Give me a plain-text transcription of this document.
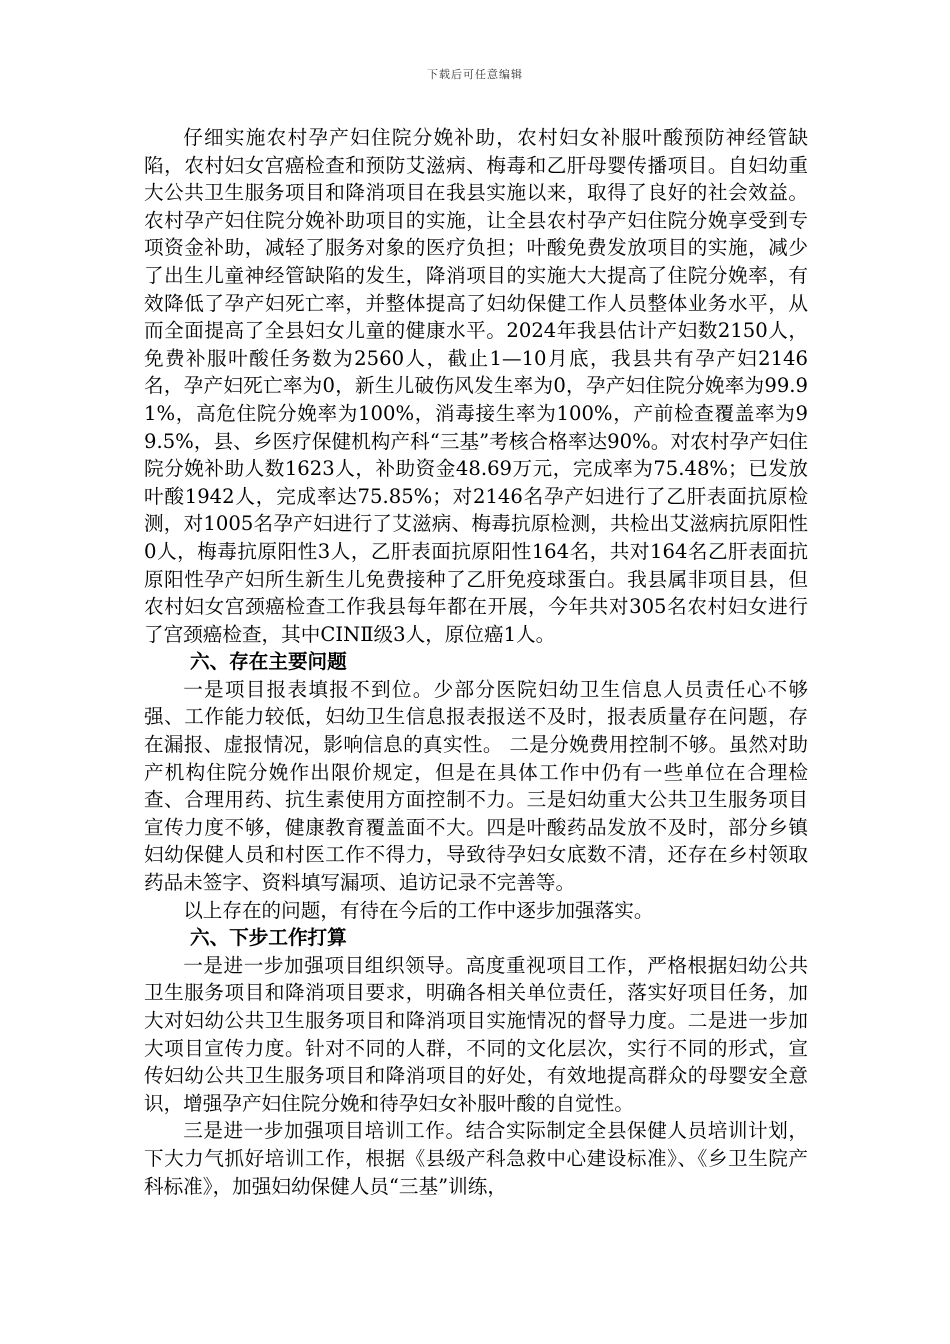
下载后可任意编辑

仔细实施农村孕产妇住院分娩补助，农村妇女补服叶酸预防神经管缺陷，农村妇女宫癌检查和预防艾滋病、梅毒和乙肝母婴传播项目。自妇幼重大公共卫生服务项目和降消项目在我县实施以来，取得了良好的社会效益。农村孕产妇住院分娩补助项目的实施，让全县农村孕产妇住院分娩享受到专项资金补助，减轻了服务对象的医疗负担；叶酸免费发放项目的实施，减少了出生儿童神经管缺陷的发生，降消项目的实施大大提高了住院分娩率，有效降低了孕产妇死亡率，并整体提高了妇幼保健工作人员整体业务水平，从而全面提高了全县妇女儿童的健康水平。2024年我县估计产妇数2150人，免费补服叶酸任务数为2560人，截止1—10月底，我县共有孕产妇2146名，孕产妇死亡率为0，新生儿破伤风发生率为0，孕产妇住院分娩率为99.91%，高危住院分娩率为100%，消毒接生率为100%，产前检查覆盖率为99.5%，县、乡医疗保健机构产科“三基”考核合格率达90%。对农村孕产妇住院分娩补助人数1623人，补助资金48.69万元，完成率为75.48%；已发放叶酸1942人，完成率达75.85%；对2146名孕产妇进行了乙肝表面抗原检测，对1005名孕产妇进行了艾滋病、梅毒抗原检测，共检出艾滋病抗原阳性 0人，梅毒抗原阳性3人，乙肝表面抗原阳性164名，共对164名乙肝表面抗原阳性孕产妇所生新生儿免费接种了乙肝免疫球蛋白。我县属非项目县，但农村妇女宫颈癌检查工作我县每年都在开展，今年共对305名农村妇女进行了宫颈癌检查，其中CINⅡ级3人，原位癌1人。

六、存在主要问题

一是项目报表填报不到位。少部分医院妇幼卫生信息人员责任心不够强、工作能力较低，妇幼卫生信息报表报送不及时，报表质量存在问题，存在漏报、虚报情况，影响信息的真实性。 二是分娩费用控制不够。虽然对助产机构住院分娩作出限价规定，但是在具体工作中仍有一些单位在合理检查、合理用药、抗生素使用方面控制不力。三是妇幼重大公共卫生服务项目宣传力度不够，健康教育覆盖面不大。四是叶酸药品发放不及时，部分乡镇妇幼保健人员和村医工作不得力，导致待孕妇女底数不清，还存在乡村领取药品未签字、资料填写漏项、追访记录不完善等。

以上存在的问题，有待在今后的工作中逐步加强落实。

六、下步工作打算

一是进一步加强项目组织领导。高度重视项目工作，严格根据妇幼公共卫生服务项目和降消项目要求，明确各相关单位责任，落实好项目任务，加大对妇幼公共卫生服务项目和降消项目实施情况的督导力度。二是进一步加大项目宣传力度。针对不同的人群，不同的文化层次，实行不同的形式，宣传妇幼公共卫生服务项目和降消项目的好处，有效地提高群众的母婴安全意识，增强孕产妇住院分娩和待孕妇女补服叶酸的自觉性。

三是进一步加强项目培训工作。结合实际制定全县保健人员培训计划，下大力气抓好培训工作，根据《县级产科急救中心建设标准》、《乡卫生院产科标准》，加强妇幼保健人员“三基”训练，
